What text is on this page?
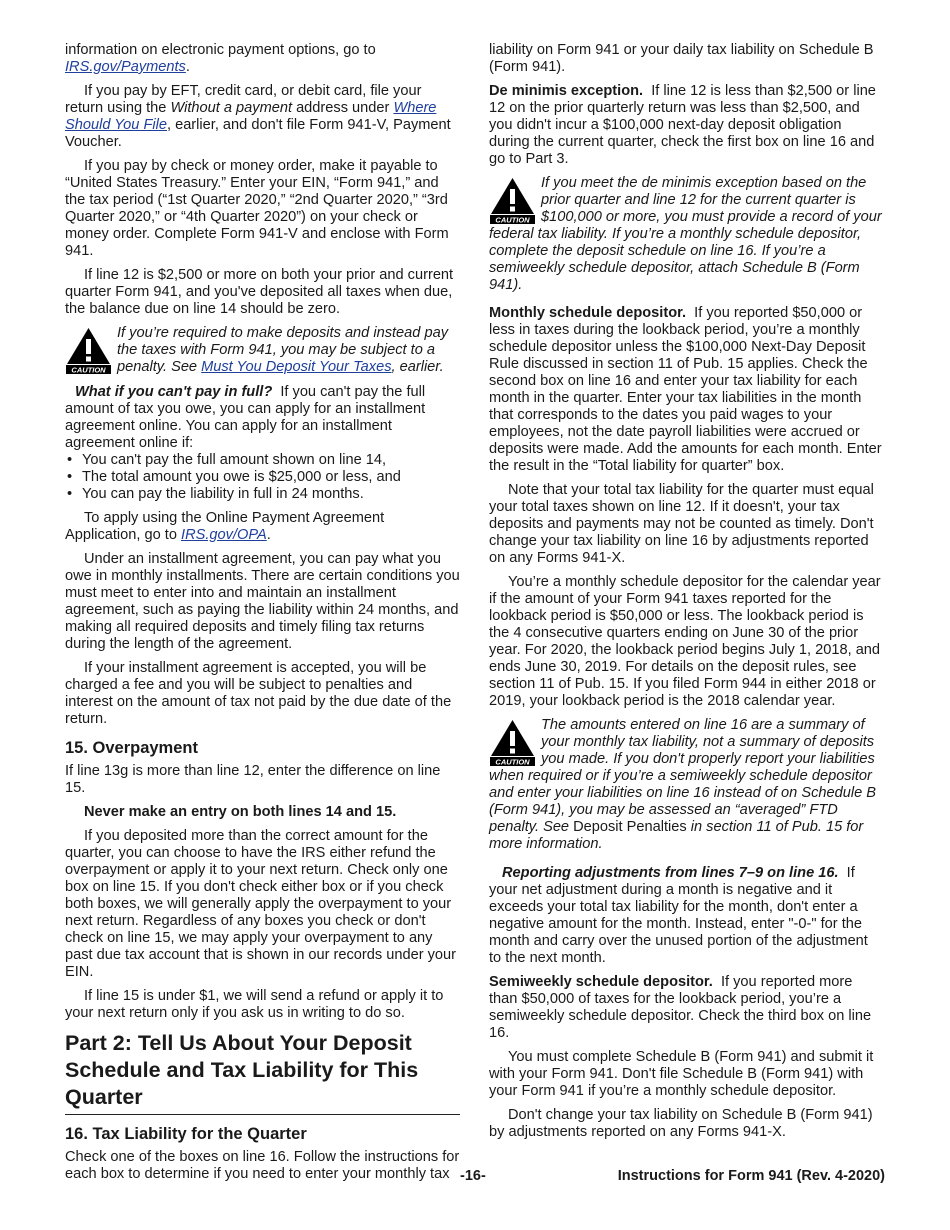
information on electronic payment options, go to IRS.gov/Payments.

If you pay by EFT, credit card, or debit card, file your return using the Without a payment address under Where Should You File, earlier, and don't file Form 941-V, Payment Voucher.

If you pay by check or money order, make it payable to “United States Treasury.” Enter your EIN, “Form 941,” and the tax period (“1st Quarter 2020,” “2nd Quarter 2020,” “3rd Quarter 2020,” or “4th Quarter 2020”) on your check or money order. Complete Form 941-V and enclose with Form 941.

If line 12 is $2,500 or more on both your prior and current quarter Form 941, and you've deposited all taxes when due, the balance due on line 14 should be zero.

CAUTION
If you’re required to make deposits and instead pay the taxes with Form 941, you may be subject to a penalty. See Must You Deposit Your Taxes, earlier.

What if you can't pay in full? If you can't pay the full amount of tax you owe, you can apply for an installment agreement online. You can apply for an installment agreement online if:

• You can't pay the full amount shown on line 14,
• The total amount you owe is $25,000 or less, and
• You can pay the liability in full in 24 months.

To apply using the Online Payment Agreement Application, go to IRS.gov/OPA.

Under an installment agreement, you can pay what you owe in monthly installments. There are certain conditions you must meet to enter into and maintain an installment agreement, such as paying the liability within 24 months, and making all required deposits and timely filing tax returns during the length of the agreement.

If your installment agreement is accepted, you will be charged a fee and you will be subject to penalties and interest on the amount of tax not paid by the due date of the return.

15. Overpayment

If line 13g is more than line 12, enter the difference on line 15.

Never make an entry on both lines 14 and 15.

If you deposited more than the correct amount for the quarter, you can choose to have the IRS either refund the overpayment or apply it to your next return. Check only one box on line 15. If you don't check either box or if you check both boxes, we will generally apply the overpayment to your next return. Regardless of any boxes you check or don't check on line 15, we may apply your overpayment to any past due tax account that is shown in our records under your EIN.

If line 15 is under $1, we will send a refund or apply it to your next return only if you ask us in writing to do so.

Part 2: Tell Us About Your Deposit Schedule and Tax Liability for This Quarter
16. Tax Liability for the Quarter

Check one of the boxes on line 16. Follow the instructions for each box to determine if you need to enter your monthly tax

liability on Form 941 or your daily tax liability on Schedule B (Form 941).

De minimis exception. If line 12 is less than $2,500 or line 12 on the prior quarterly return was less than $2,500, and you didn't incur a $100,000 next-day deposit obligation during the current quarter, check the first box on line 16 and go to Part 3.

CAUTION
If you meet the de minimis exception based on the prior quarter and line 12 for the current quarter is $100,000 or more, you must provide a record of your federal tax liability. If you’re a monthly schedule depositor, complete the deposit schedule on line 16. If you’re a semiweekly schedule depositor, attach Schedule B (Form 941).

Monthly schedule depositor. If you reported $50,000 or less in taxes during the lookback period, you’re a monthly schedule depositor unless the $100,000 Next-Day Deposit Rule discussed in section 11 of Pub. 15 applies. Check the second box on line 16 and enter your tax liability for each month in the quarter. Enter your tax liabilities in the month that corresponds to the dates you paid wages to your employees, not the date payroll liabilities were accrued or deposits were made. Add the amounts for each month. Enter the result in the “Total liability for quarter” box.

Note that your total tax liability for the quarter must equal your total taxes shown on line 12. If it doesn't, your tax deposits and payments may not be counted as timely. Don't change your tax liability on line 16 by adjustments reported on any Forms 941-X.

You’re a monthly schedule depositor for the calendar year if the amount of your Form 941 taxes reported for the lookback period is $50,000 or less. The lookback period is the 4 consecutive quarters ending on June 30 of the prior year. For 2020, the lookback period begins July 1, 2018, and ends June 30, 2019. For details on the deposit rules, see section 11 of Pub. 15. If you filed Form 944 in either 2018 or 2019, your lookback period is the 2018 calendar year.

CAUTION
The amounts entered on line 16 are a summary of your monthly tax liability, not a summary of deposits you made. If you don't properly report your liabilities when required or if you’re a semiweekly schedule depositor and enter your liabilities on line 16 instead of on Schedule B (Form 941), you may be assessed an “averaged” FTD penalty. See Deposit Penalties in section 11 of Pub. 15 for more information.

Reporting adjustments from lines 7–9 on line 16. If your net adjustment during a month is negative and it exceeds your total tax liability for the month, don't enter a negative amount for the month. Instead, enter "-0-" for the month and carry over the unused portion of the adjustment to the next month.

Semiweekly schedule depositor. If you reported more than $50,000 of taxes for the lookback period, you’re a semiweekly schedule depositor. Check the third box on line 16.

You must complete Schedule B (Form 941) and submit it with your Form 941. Don't file Schedule B (Form 941) with your Form 941 if you’re a monthly schedule depositor.

Don't change your tax liability on Schedule B (Form 941) by adjustments reported on any Forms 941-X.

-16-	Instructions for Form 941 (Rev. 4-2020)
